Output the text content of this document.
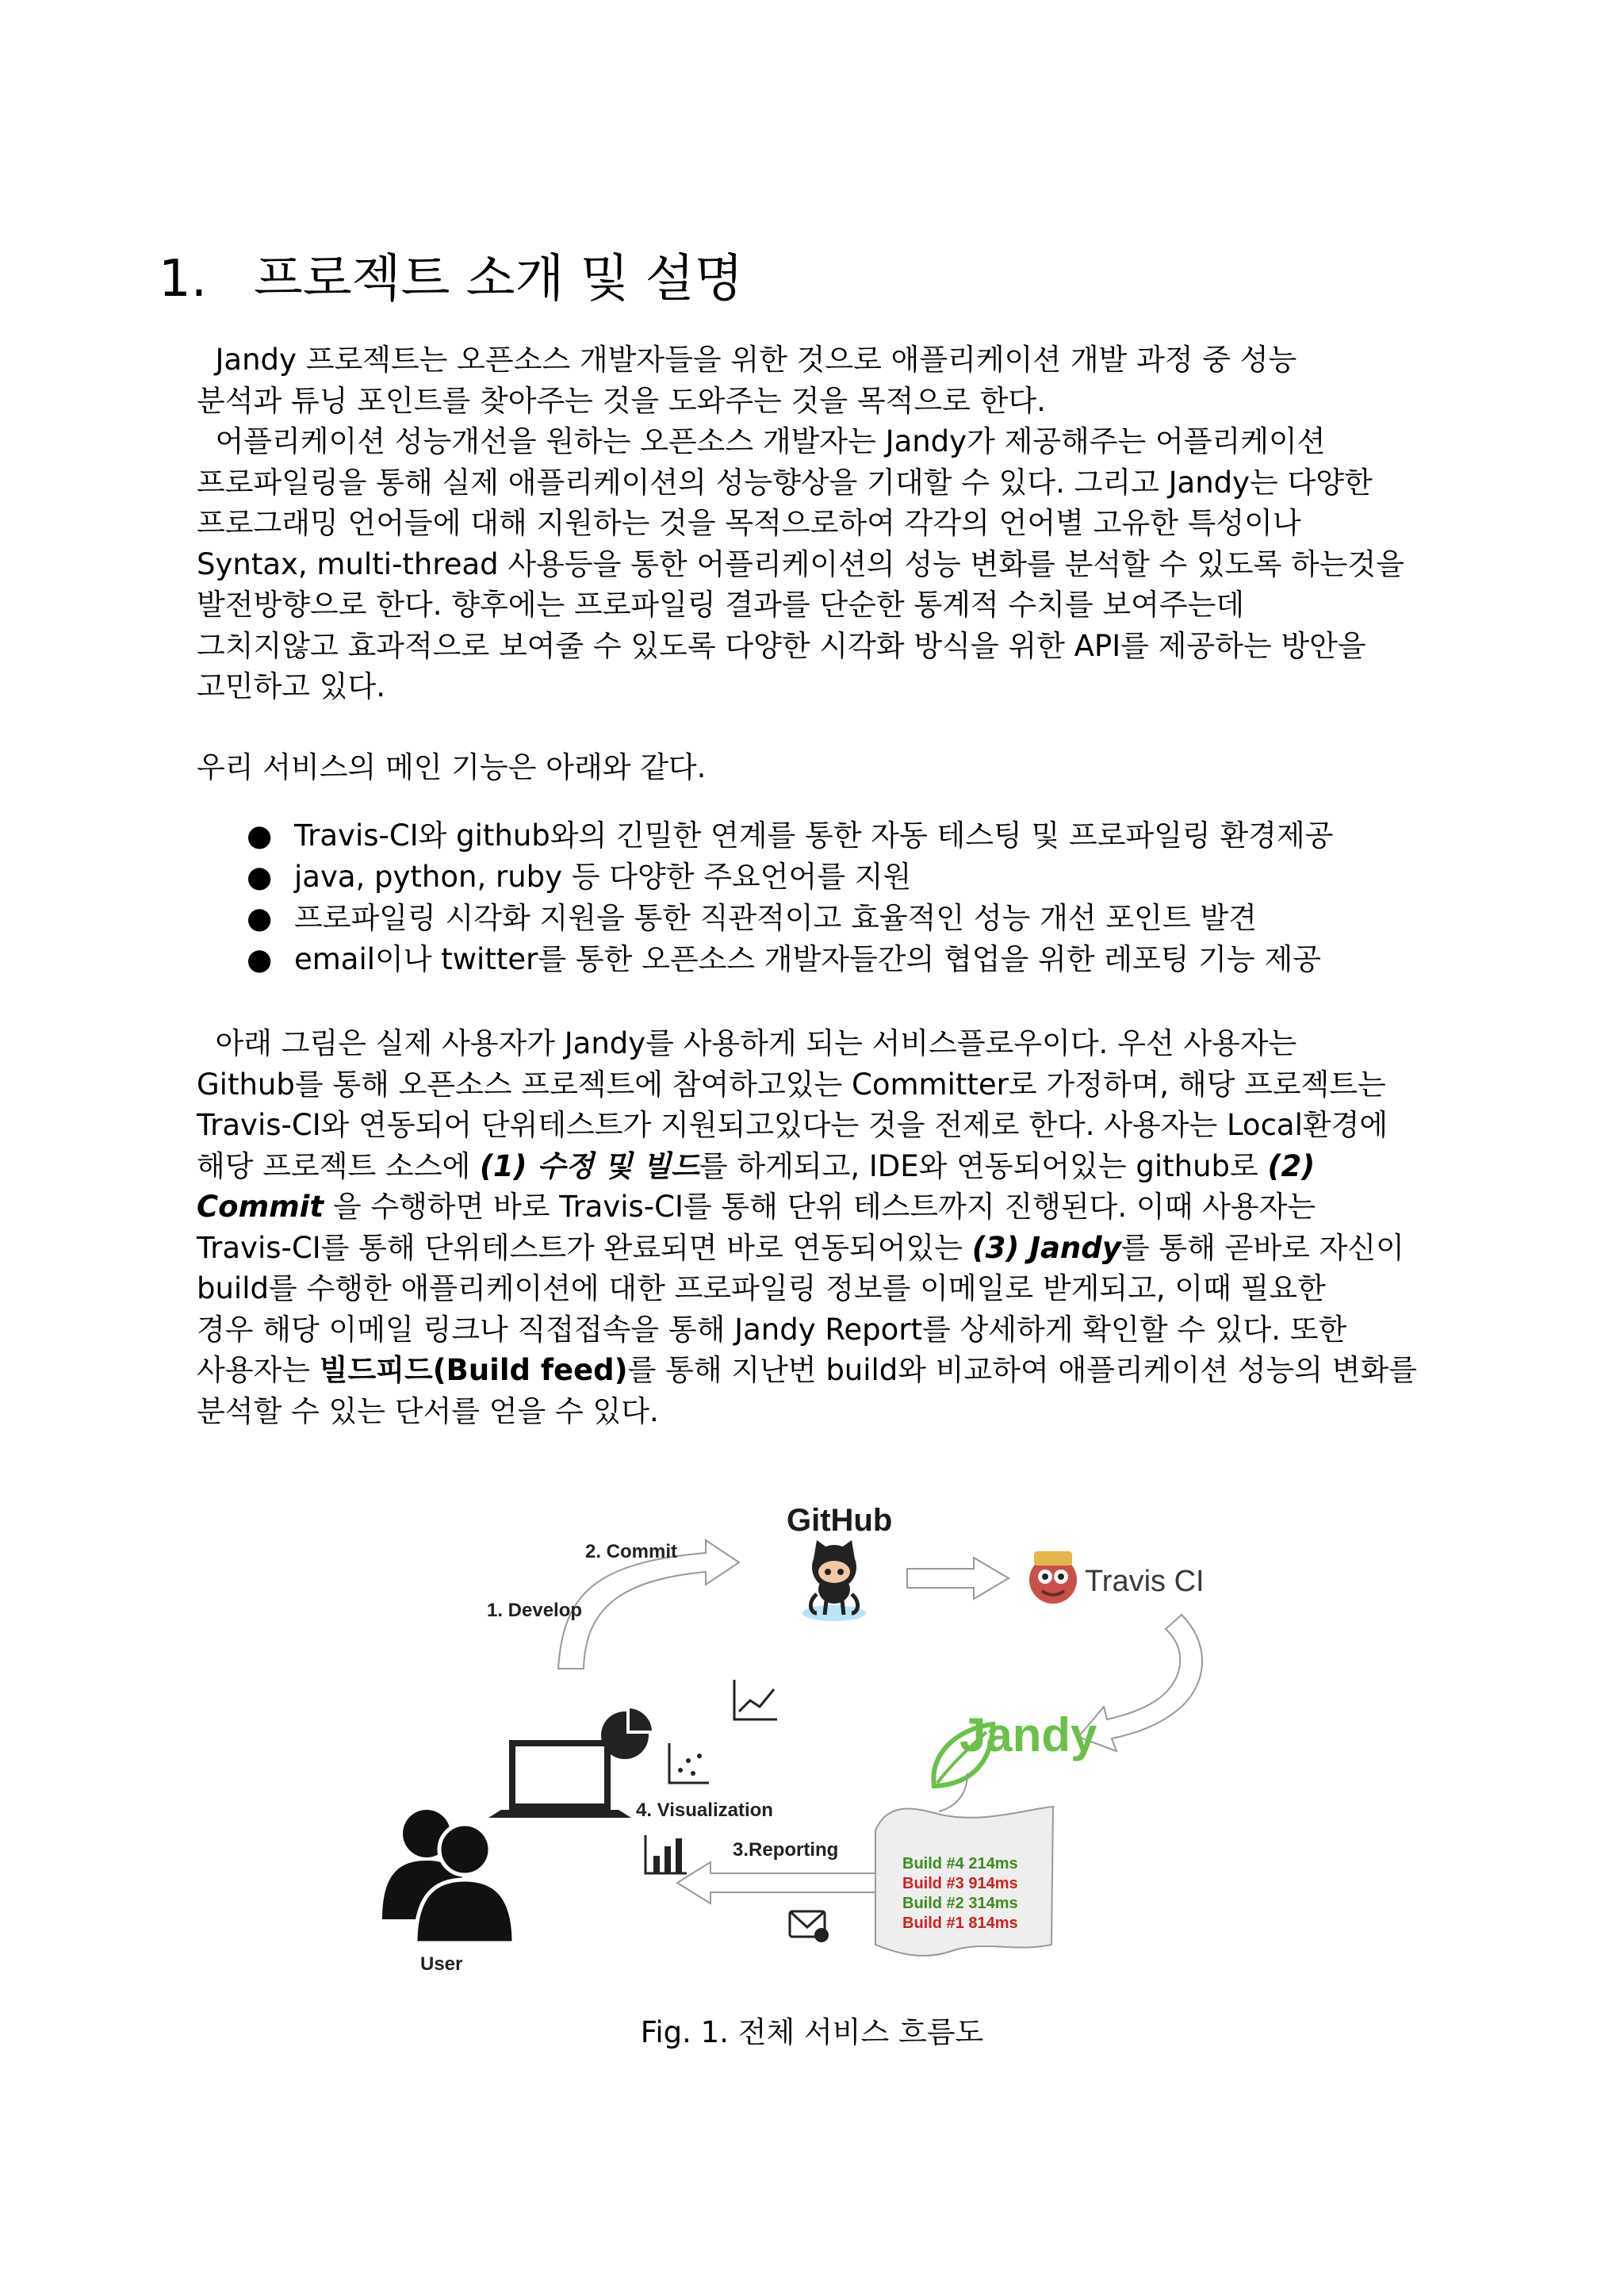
1. 프로젝트 소개 및 설명

Jandy 프로젝트는 오픈소스 개발자들을 위한 것으로 애플리케이션 개발 과정 중 성능

분석과 튜닝 포인트를 찾아주는 것을 도와주는 것을 목적으로 한다.

어플리케이션 성능개선을 원하는 오픈소스 개발자는 Jandy가 제공해주는 어플리케이션

프로파일링을 통해 실제 애플리케이션의 성능향상을 기대할 수 있다. 그리고 Jandy는 다양한

프로그래밍 언어들에 대해 지원하는 것을 목적으로하여 각각의 언어별 고유한 특성이나

Syntax, multi-thread 사용등을 통한 어플리케이션의 성능 변화를 분석할 수 있도록 하는것을

발전방향으로 한다. 향후에는 프로파일링 결과를 단순한 통계적 수치를 보여주는데

그치지않고 효과적으로 보여줄 수 있도록 다양한 시각화 방식을 위한 API를 제공하는 방안을

고민하고 있다.

우리 서비스의 메인 기능은 아래와 같다.

● Travis-CI와 github와의 긴밀한 연계를 통한 자동 테스팅 및 프로파일링 환경제공
● java, python, ruby 등 다양한 주요언어를 지원
● 프로파일링 시각화 지원을 통한 직관적이고 효율적인 성능 개선 포인트 발견
● email이나 twitter를 통한 오픈소스 개발자들간의 협업을 위한 레포팅 기능 제공

아래 그림은 실제 사용자가 Jandy를 사용하게 되는 서비스플로우이다. 우선 사용자는

Github를 통해 오픈소스 프로젝트에 참여하고있는 Committer로 가정하며, 해당 프로젝트는

Travis-CI와 연동되어 단위테스트가 지원되고있다는 것을 전제로 한다. 사용자는 Local환경에

해당 프로젝트 소스에 (1) 수정 및 빌드를 하게되고, IDE와 연동되어있는 github로 (2)

Commit 을 수행하면 바로 Travis-CI를 통해 단위 테스트까지 진행된다. 이때 사용자는

Travis-CI를 통해 단위테스트가 완료되면 바로 연동되어있는 (3) Jandy를 통해 곧바로 자신이

build를 수행한 애플리케이션에 대한 프로파일링 정보를 이메일로 받게되고, 이때 필요한

경우 해당 이메일 링크나 직접접속을 통해 Jandy Report를 상세하게 확인할 수 있다. 또한

사용자는 빌드피드(Build feed)를 통해 지난번 build와 비교하여 애플리케이션 성능의 변화를

분석할 수 있는 단서를 얻을 수 있다.

2. Commit
1. Develop
GitHub
Travis CI
Jandy
Build #4 214ms
Build #3 914ms
Build #2 314ms
Build #1 814ms
3.Reporting
4. Visualization
User
Fig. 1. 전체 서비스 흐름도
